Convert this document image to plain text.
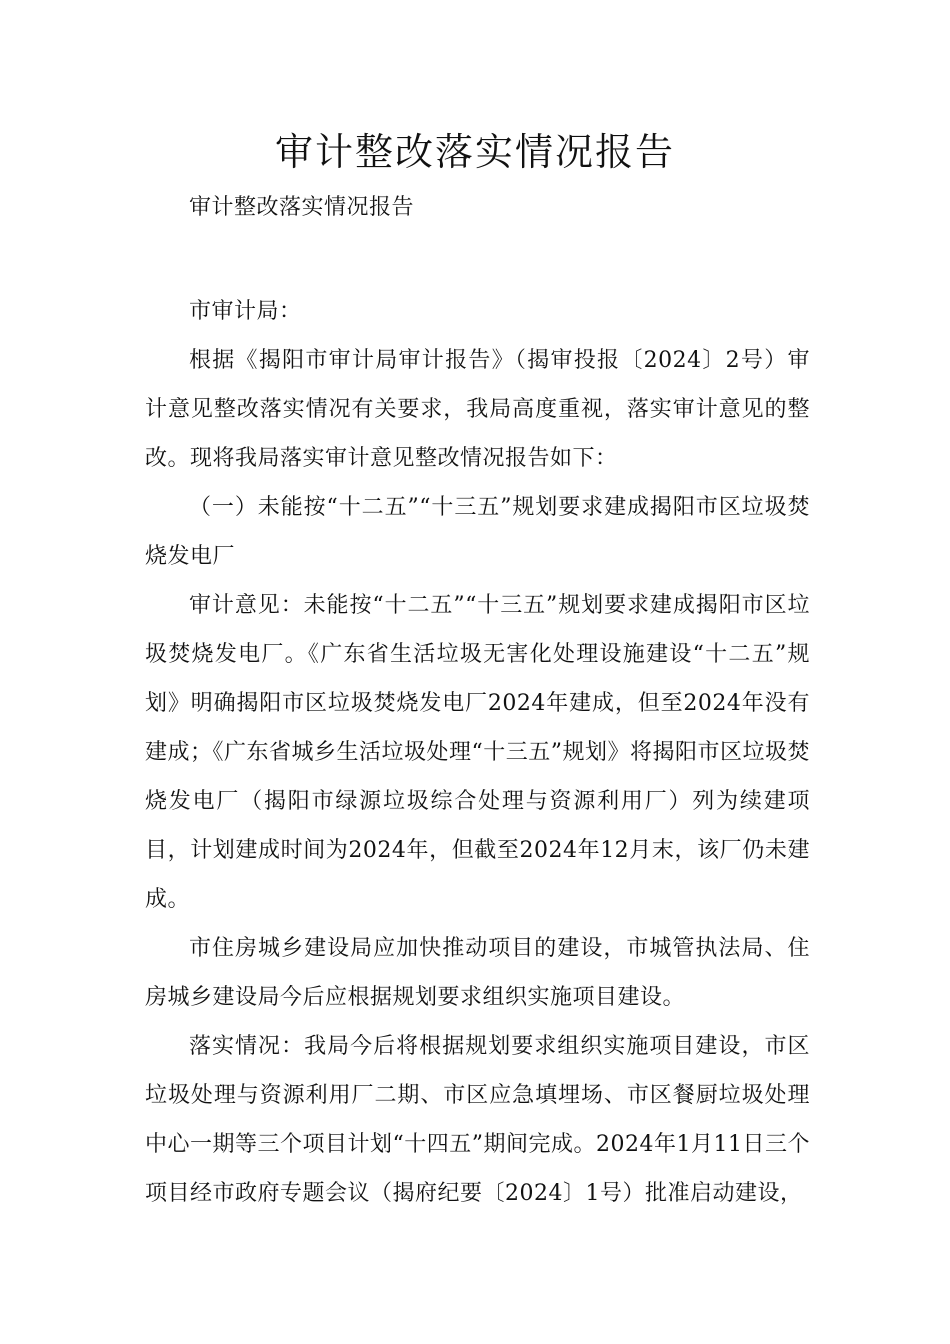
审计整改落实情况报告

审计整改落实情况报告

市审计局：

根据《揭阳市审计局审计报告》（揭审投报〔2024〕2号）审计意见整改落实情况有关要求，我局高度重视，落实审计意见的整改。现将我局落实审计意见整改情况报告如下：

（一）未能按“十二五”“十三五”规划要求建成揭阳市区垃圾焚烧发电厂

审计意见：未能按“十二五”“十三五”规划要求建成揭阳市区垃圾焚烧发电厂。《广东省生活垃圾无害化处理设施建设“十二五”规划》明确揭阳市区垃圾焚烧发电厂2024年建成，但至2024年没有建成；《广东省城乡生活垃圾处理“十三五”规划》将揭阳市区垃圾焚烧发电厂（揭阳市绿源垃圾综合处理与资源利用厂）列为续建项目，计划建成时间为2024年，但截至2024年12月末，该厂仍未建成。

市住房城乡建设局应加快推动项目的建设，市城管执法局、住房城乡建设局今后应根据规划要求组织实施项目建设。

落实情况：我局今后将根据规划要求组织实施项目建设，市区垃圾处理与资源利用厂二期、市区应急填埋场、市区餐厨垃圾处理中心一期等三个项目计划“十四五”期间完成。2024年1月11日三个项目经市政府专题会议（揭府纪要〔2024〕1号）批准启动建设，
